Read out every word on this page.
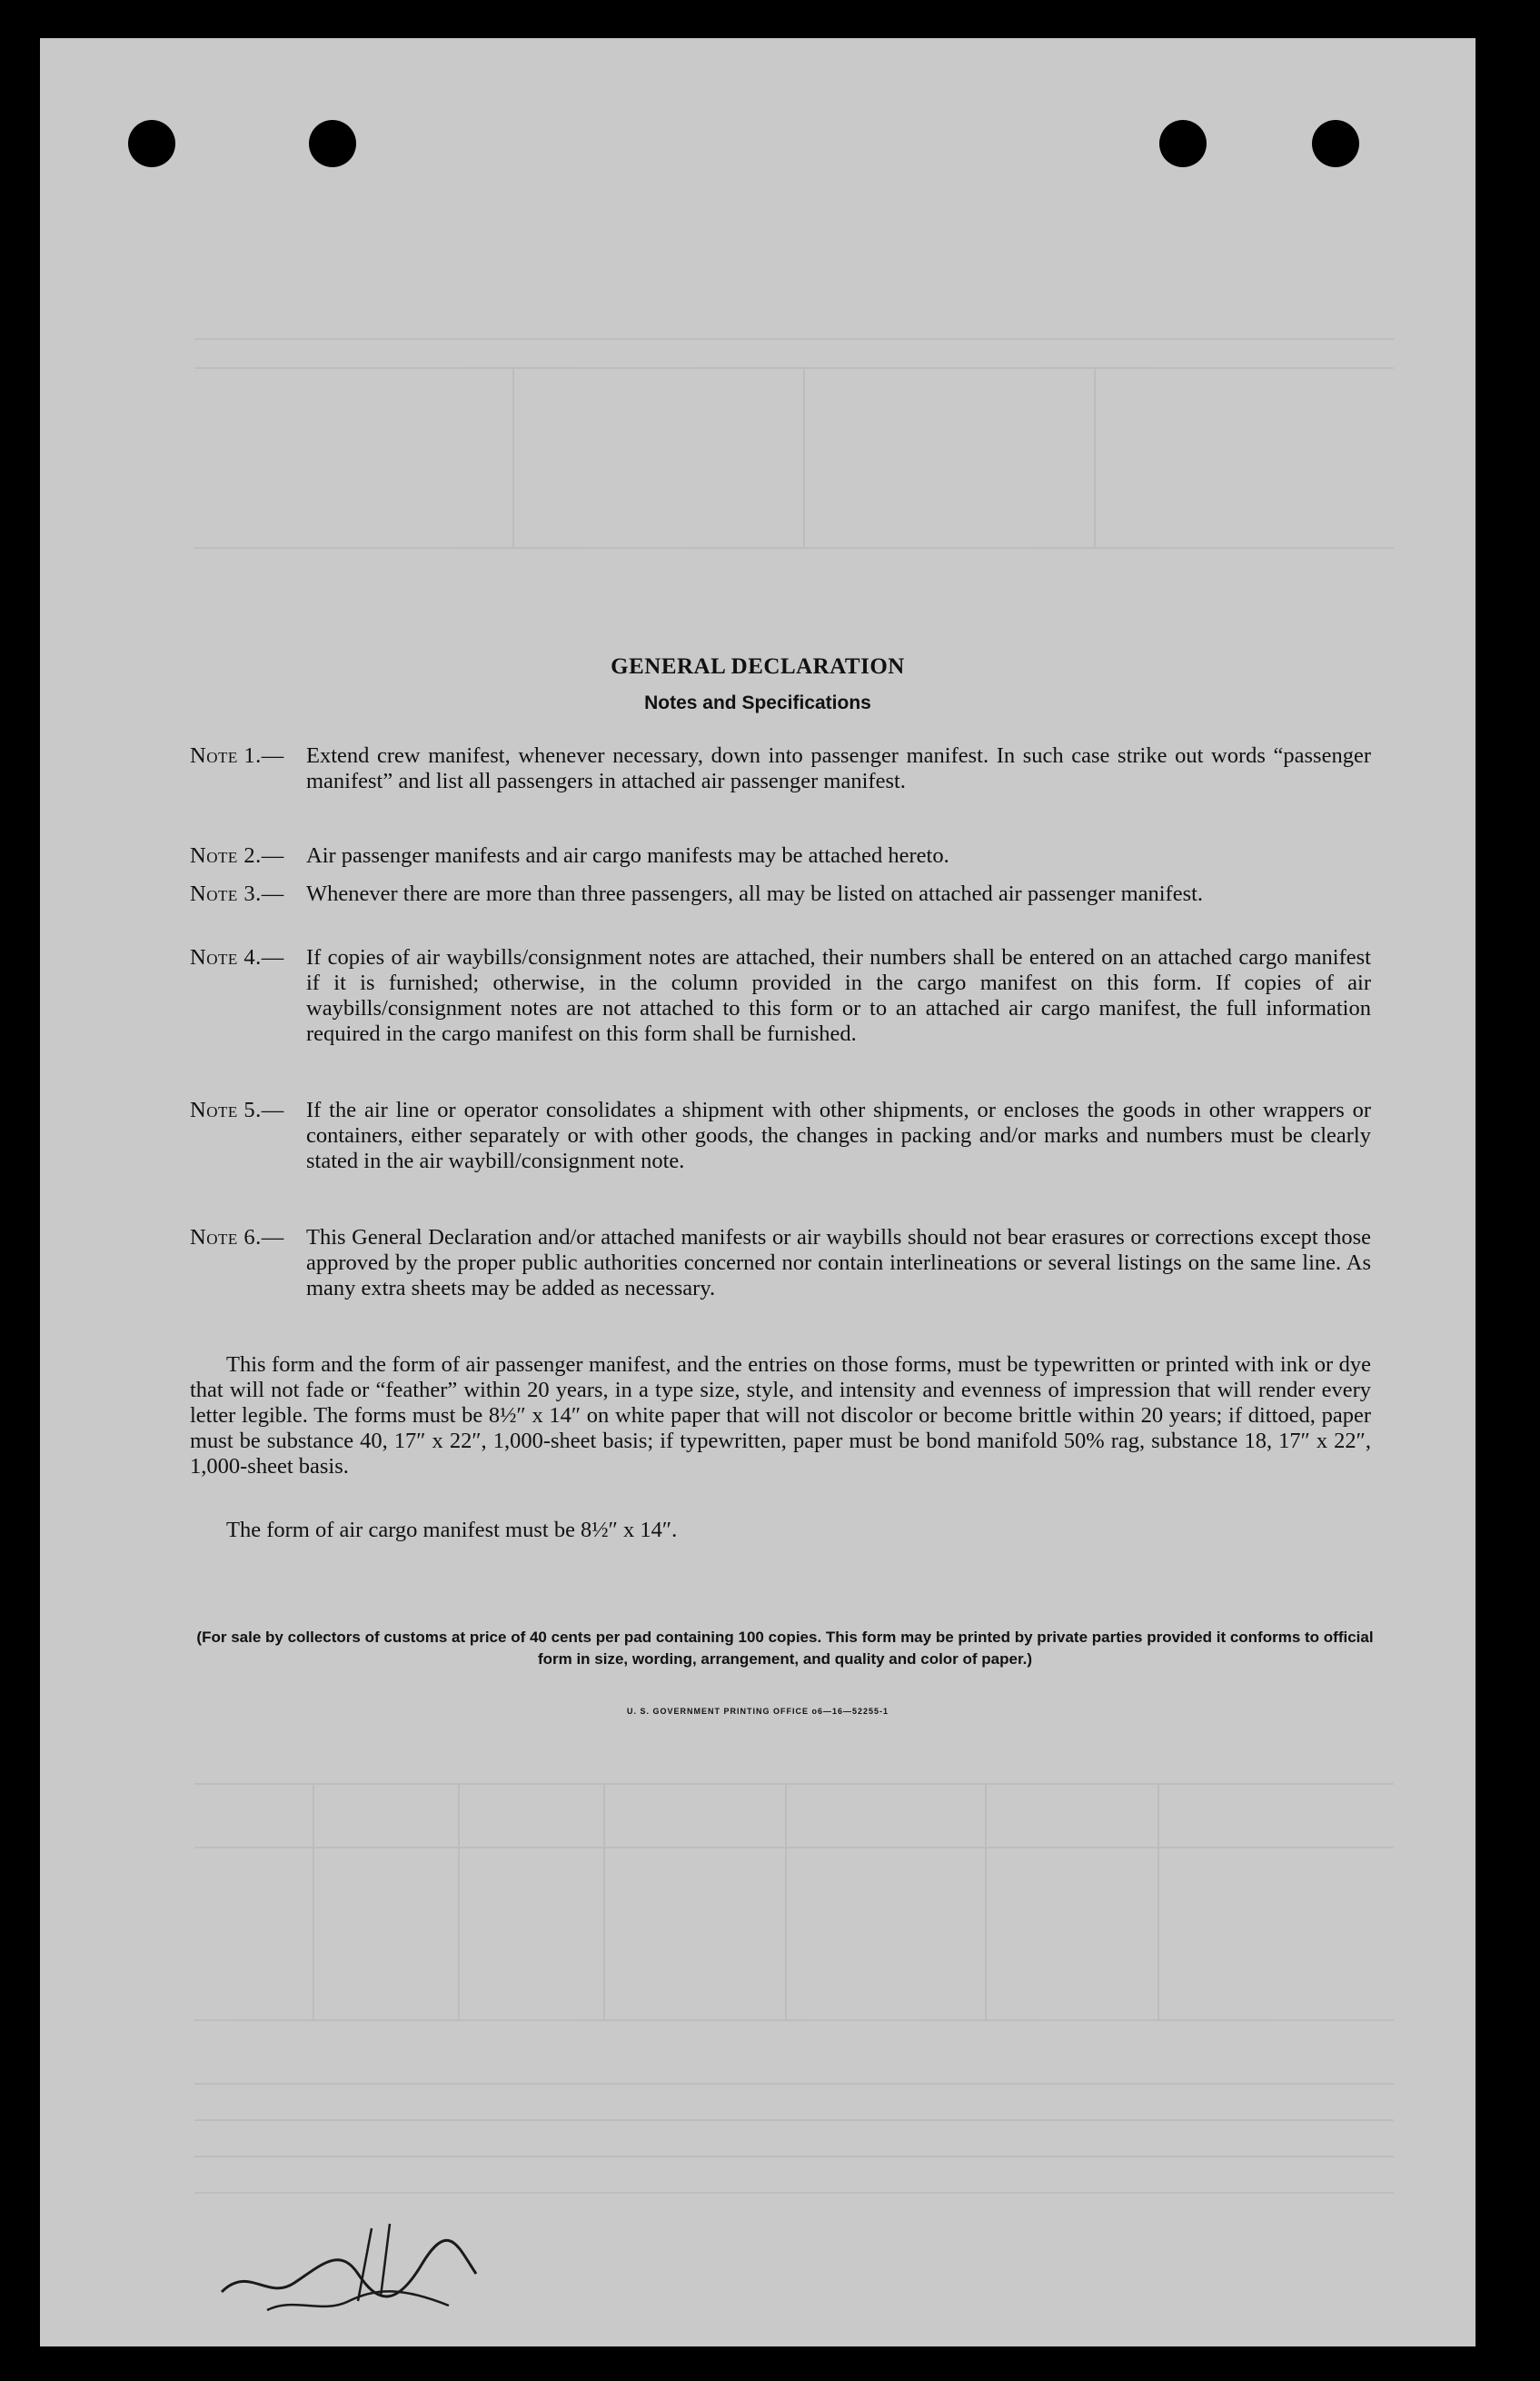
GENERAL DECLARATION
Notes and Specifications
Note 1.—	Extend crew manifest, whenever necessary, down into passenger manifest. In such case strike out words “passenger manifest” and list all passengers in attached air passenger manifest.
Note 2.—	Air passenger manifests and air cargo manifests may be attached hereto.
Note 3.—	Whenever there are more than three passengers, all may be listed on attached air passenger manifest.
Note 4.—	If copies of air waybills/consignment notes are attached, their numbers shall be entered on an attached cargo manifest if it is furnished; otherwise, in the column provided in the cargo manifest on this form. If copies of air waybills/consignment notes are not attached to this form or to an attached air cargo manifest, the full information required in the cargo manifest on this form shall be furnished.
Note 5.—	If the air line or operator consolidates a shipment with other shipments, or encloses the goods in other wrappers or containers, either separately or with other goods, the changes in packing and/or marks and numbers must be clearly stated in the air waybill/consignment note.
Note 6.—	This General Declaration and/or attached manifests or air waybills should not bear erasures or corrections except those approved by the proper public authorities concerned nor contain interlineations or several listings on the same line. As many extra sheets may be added as necessary.
This form and the form of air passenger manifest, and the entries on those forms, must be typewritten or printed with ink or dye that will not fade or “feather” within 20 years, in a type size, style, and intensity and evenness of impression that will render every letter legible. The forms must be 8½″ x 14″ on white paper that will not discolor or become brittle within 20 years; if dittoed, paper must be substance 40, 17″ x 22″, 1,000-sheet basis; if typewritten, paper must be bond manifold 50% rag, substance 18, 17″ x 22″, 1,000-sheet basis.
The form of air cargo manifest must be 8½″ x 14″.
(For sale by collectors of customs at price of 40 cents per pad containing 100 copies. This form may be printed by private parties provided it conforms to official form in size, wording, arrangement, and quality and color of paper.)
U. S. GOVERNMENT PRINTING OFFICE o6—16—52255-1
